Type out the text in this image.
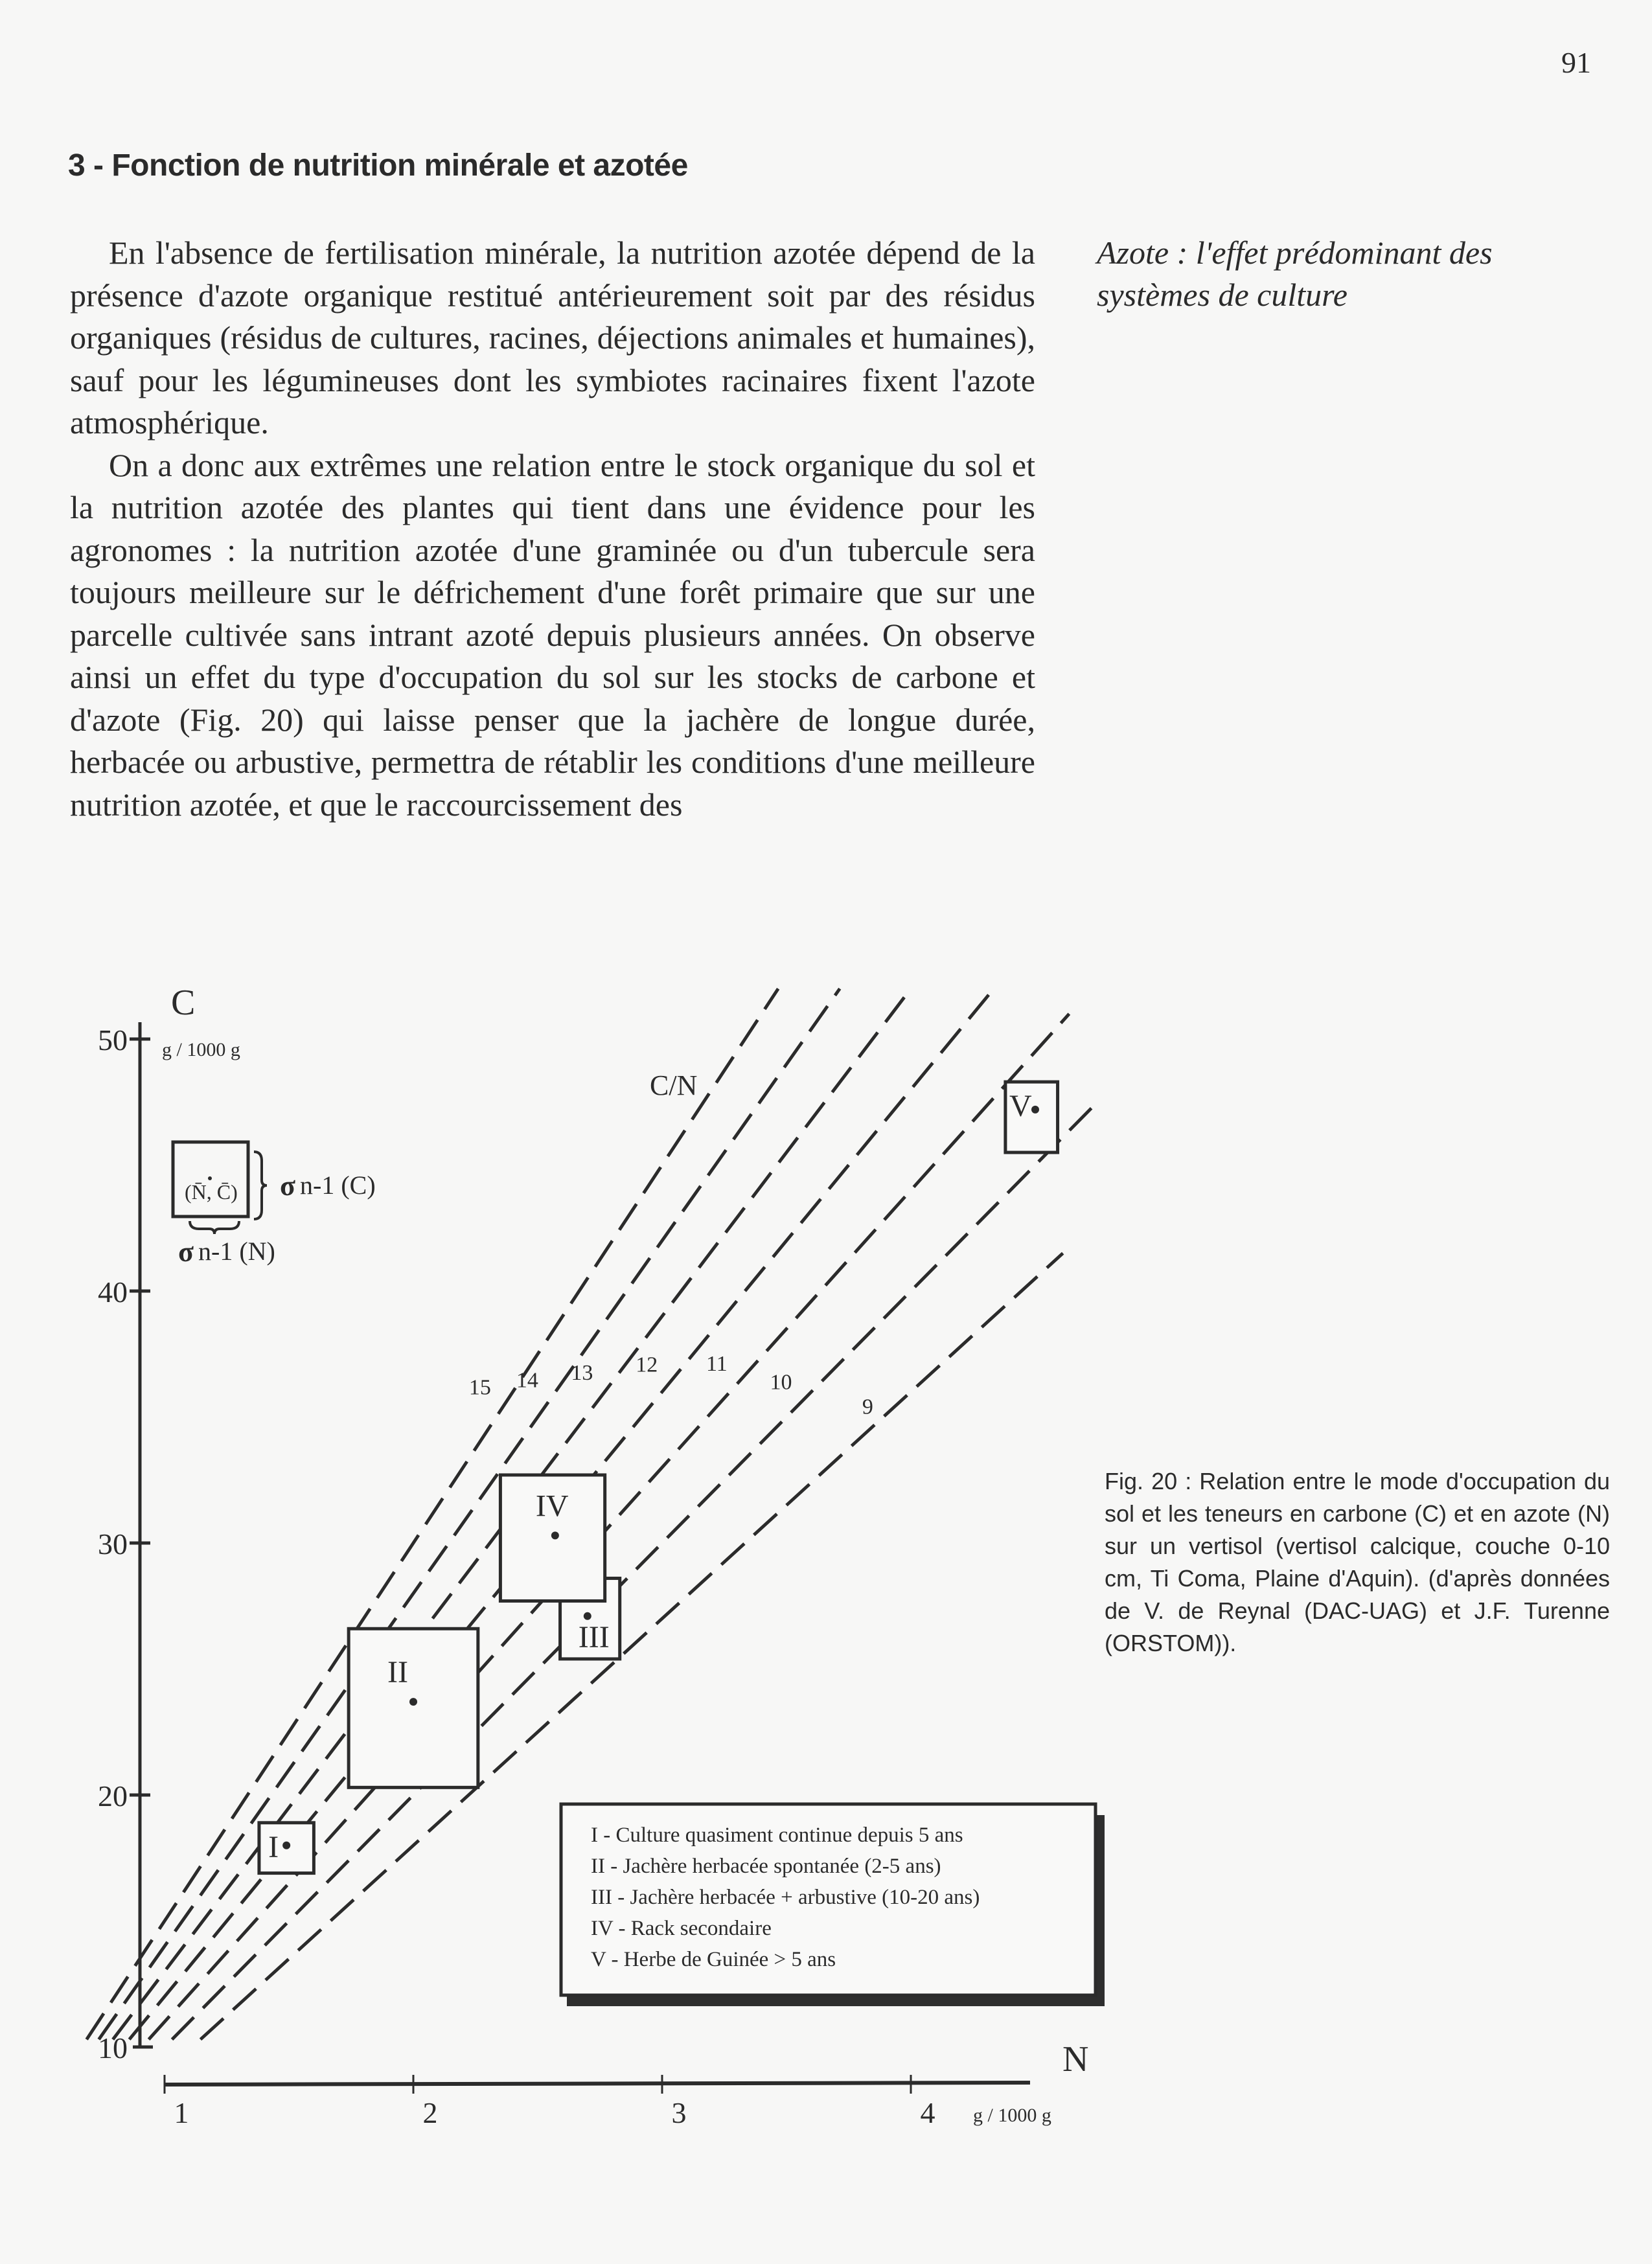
91
3 - Fonction de nutrition minérale et azotée

En l'absence de fertilisation minérale, la nutrition azotée dépend de la présence d'azote organique restitué antérieurement soit par des résidus organiques (résidus de cultures, racines, déjections animales et humaines), sauf pour les légumineuses dont les symbiotes racinaires fixent l'azote atmosphérique.

On a donc aux extrêmes une relation entre le stock organique du sol et la nutrition azotée des plantes qui tient dans une évidence pour les agronomes : la nutrition azotée d'une graminée ou d'un tubercule sera toujours meilleure sur le défrichement d'une forêt primaire que sur une parcelle cultivée sans intrant azoté depuis plusieurs années. On observe ainsi un effet du type d'occupation du sol sur les stocks de carbone et d'azote (Fig. 20) qui laisse penser que la jachère de longue durée, herbacée ou arbustive, permettra de rétablir les conditions d'une meilleure nutrition azotée, et que le raccourcissement des

Azote : l'effet prédominant des systèmes de culture
Fig. 20 : Relation entre le mode d'occupation du sol et les teneurs en carbone (C) et en azote (N) sur un vertisol (vertisol calcique, couche 0-10 cm, Ti Coma, Plaine d'Aquin). (d'après données de V. de Reynal (DAC-UAG) et J.F. Turenne (ORSTOM)).
10
20
30
40
50
1	2	3	4
C
g / 1000 g
N
g / 1000 g
C/N
15 14 13 12 11
10
9
(N̄, C̄) σ n-1 (C)
σ n-1 (N)
I
II
III
IV
V
I - Culture quasiment continue depuis 5 ans
II - Jachère herbacée spontanée (2-5 ans)
III - Jachère herbacée + arbustive (10-20 ans)
IV - Rack secondaire
V - Herbe de Guinée > 5 ans
